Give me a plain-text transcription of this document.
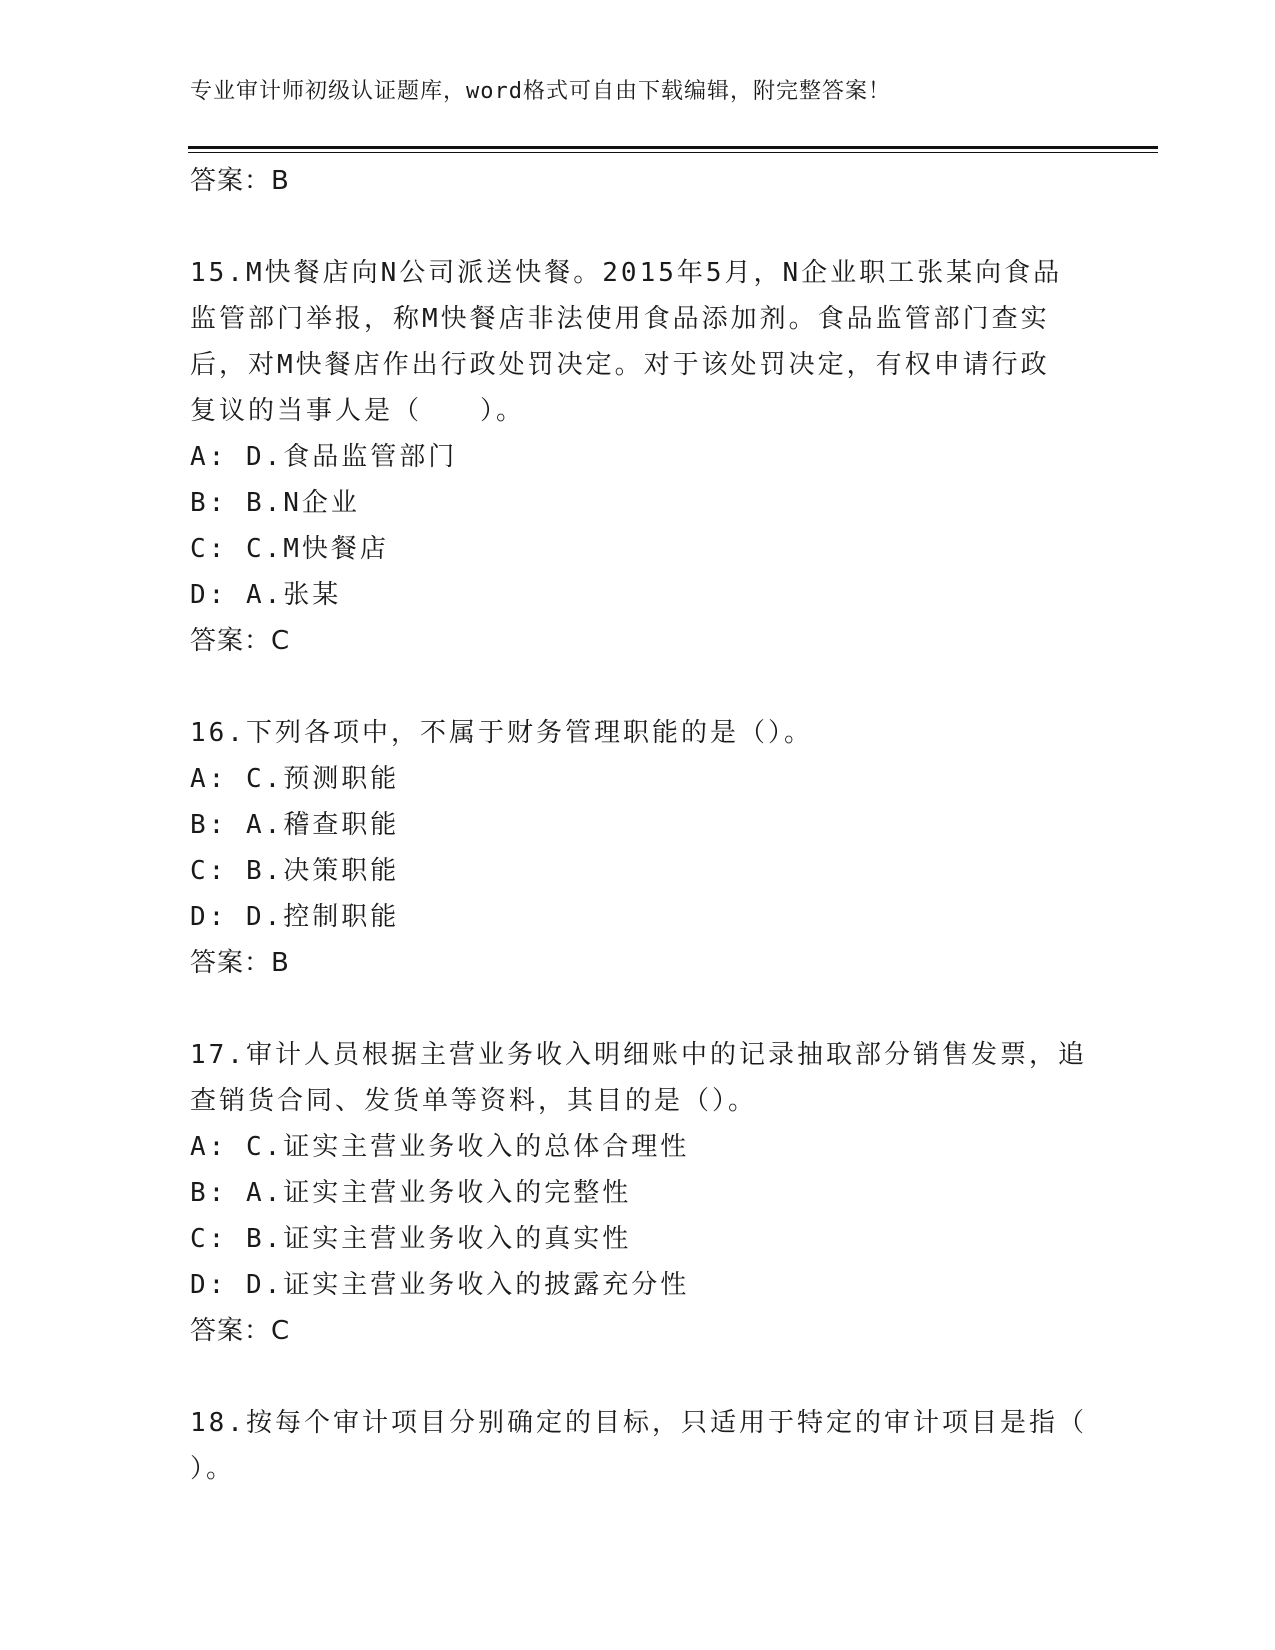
专业审计师初级认证题库，word格式可自由下载编辑，附完整答案！
答案：B
15.M快餐店向N公司派送快餐。2015年5月，N企业职工张某向食品
监管部门举报，称M快餐店非法使用食品添加剂。食品监管部门查实
后，对M快餐店作出行政处罚决定。对于该处罚决定，有权申请行政
复议的当事人是（　　）。
A: D.食品监管部门
B: B.N企业
C: C.M快餐店
D: A.张某
答案：C
16.下列各项中，不属于财务管理职能的是（）。
A: C.预测职能
B: A.稽查职能
C: B.决策职能
D: D.控制职能
答案：B
17.审计人员根据主营业务收入明细账中的记录抽取部分销售发票，追
查销货合同、发货单等资料，其目的是（）。
A: C.证实主营业务收入的总体合理性
B: A.证实主营业务收入的完整性
C: B.证实主营业务收入的真实性
D: D.证实主营业务收入的披露充分性
答案：C
18.按每个审计项目分别确定的目标，只适用于特定的审计项目是指（
）。
